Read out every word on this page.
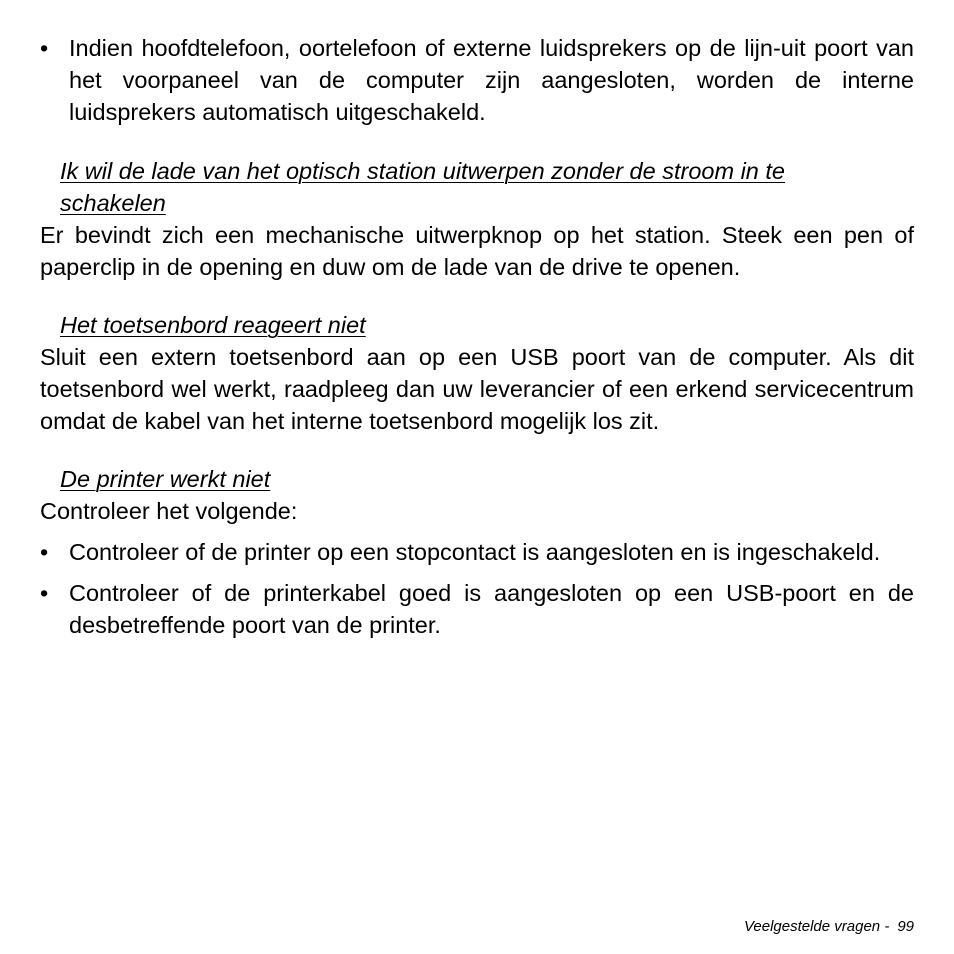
• Indien hoofdtelefoon, oortelefoon of externe luidsprekers op de lijn-uit poort van het voorpaneel van de computer zijn aangesloten, worden de interne luidsprekers automatisch uitgeschakeld.
Ik wil de lade van het optisch station uitwerpen zonder de stroom in te schakelen
Er bevindt zich een mechanische uitwerpknop op het station. Steek een pen of paperclip in de opening en duw om de lade van de drive te openen.
Het toetsenbord reageert niet
Sluit een extern toetsenbord aan op een USB poort van de computer. Als dit toetsenbord wel werkt, raadpleeg dan uw leverancier of een erkend servicecentrum omdat de kabel van het interne toetsenbord mogelijk los zit.
De printer werkt niet
Controleer het volgende:
• Controleer of de printer op een stopcontact is aangesloten en is ingeschakeld.
• Controleer of de printerkabel goed is aangesloten op een USB-poort en de desbetreffende poort van de printer.
Veelgestelde vragen - 99
